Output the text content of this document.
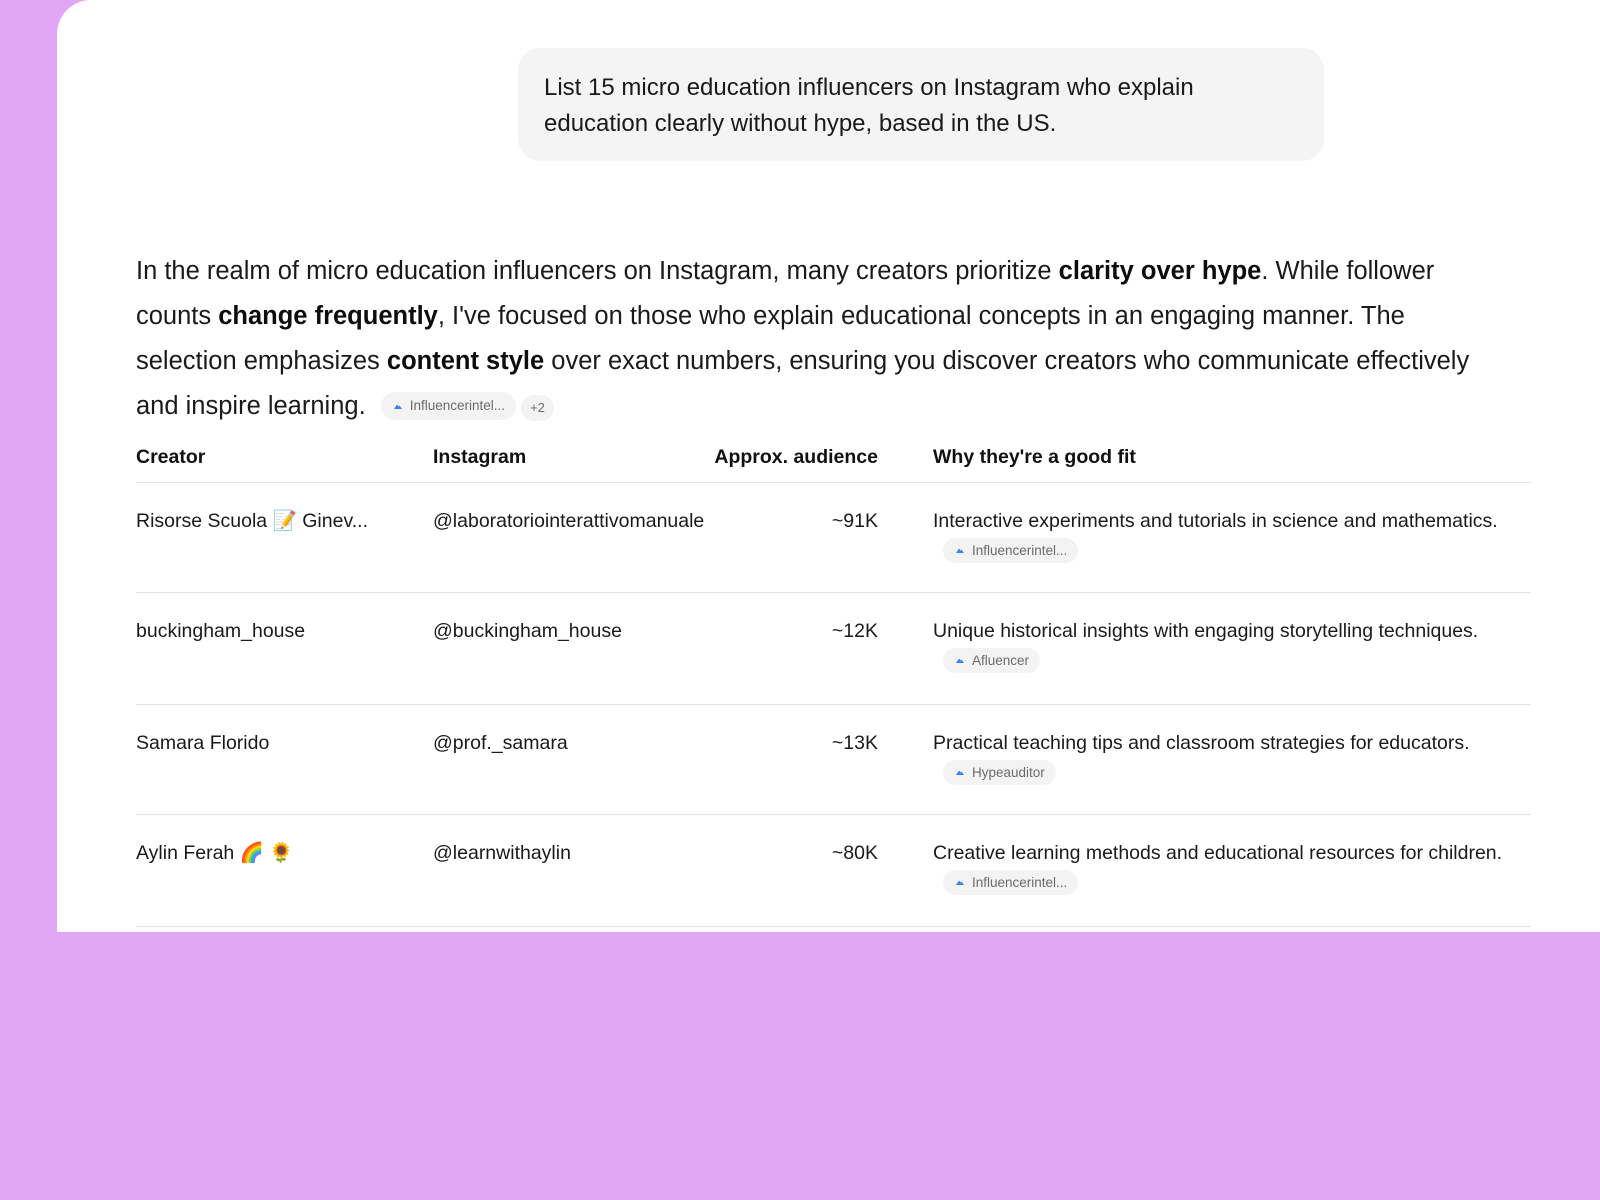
List 15 micro education influencers on Instagram who explain education clearly without hype, based in the US.
In the realm of micro education influencers on Instagram, many creators prioritize clarity over hype. While follower counts change frequently, I've focused on those who explain educational concepts in an engaging manner. The selection emphasizes content style over exact numbers, ensuring you discover creators who communicate effectively and inspire learning.	Influencerintel... +2
Creator	Instagram	Approx. audience		Why they're a good fit
Risorse Scuola 📝 Ginev...	@laboratoriointerattivomanuale	~91K		Interactive experiments and tutorials in science and mathematics.
Influencerintel...

buckingham_house	@buckingham_house	~12K		Unique historical insights with engaging storytelling techniques.
Afluencer

Samara Florido	@prof._samara	~13K		Practical teaching tips and classroom strategies for educators.
Hypeauditor

Aylin Ferah 🌈 🌻	@learnwithaylin	~80K		Creative learning methods and educational resources for children.
Influencerintel...
